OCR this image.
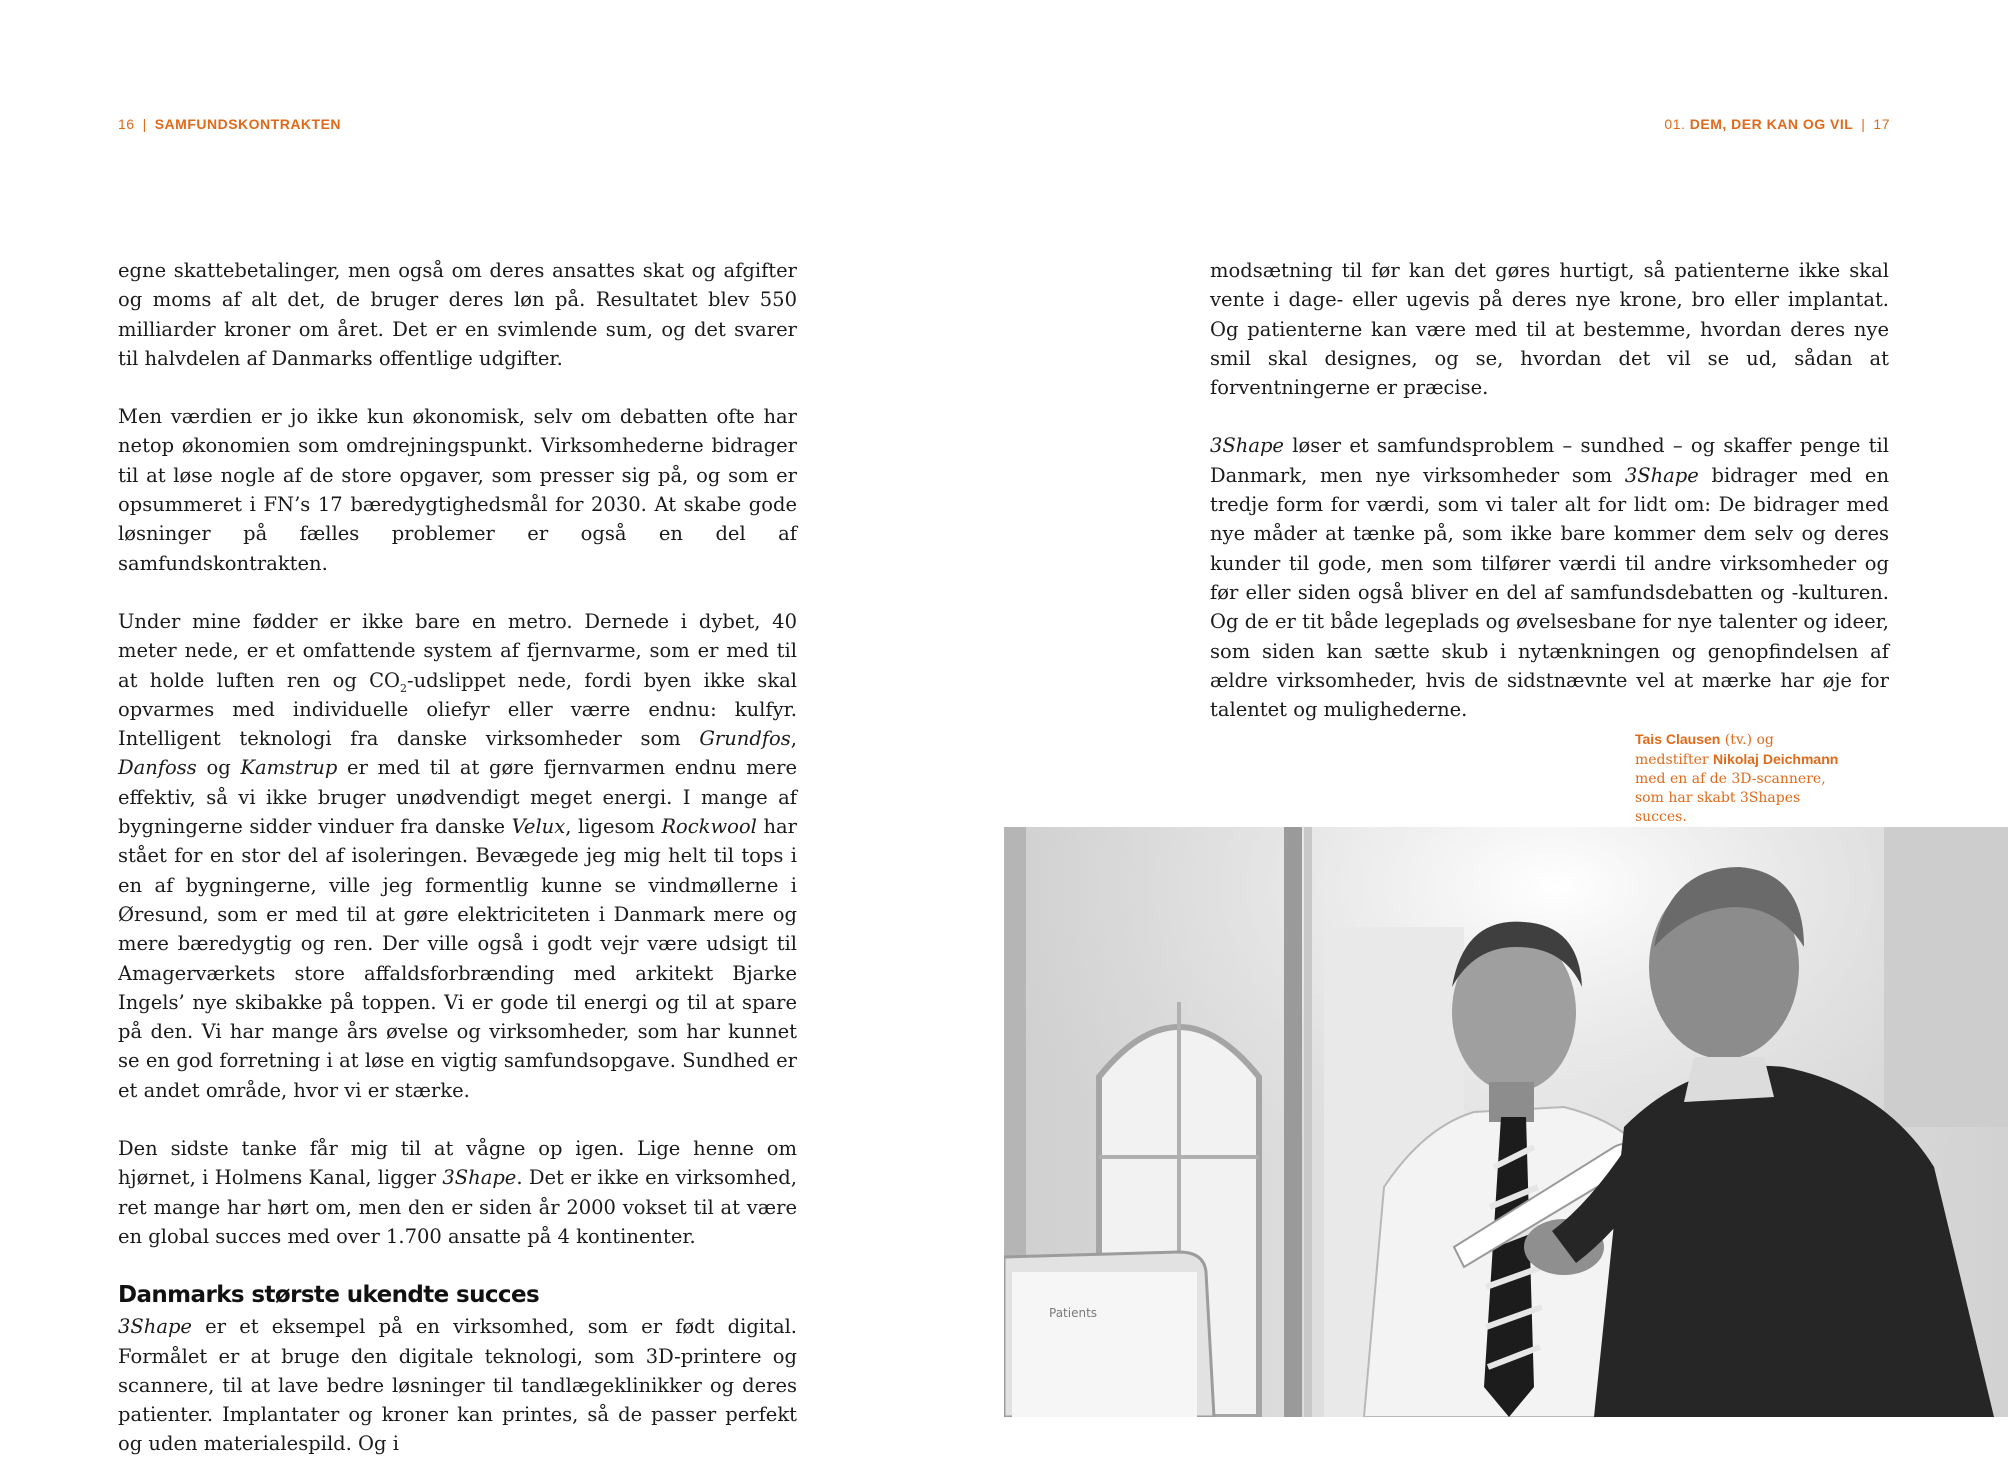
16 | SAMFUNDSKONTRAKTEN	01. DEM, DER KAN OG VIL | 17

egne skattebetalinger, men også om deres ansattes skat og afgifter og moms af alt det, de bruger deres løn på. Resultatet blev 550 milliarder kroner om året. Det er en svimlende sum, og det svarer til halvdelen af Danmarks offentlige udgifter.

Men værdien er jo ikke kun økonomisk, selv om debatten ofte har netop økonomien som omdrejningspunkt. Virksomhederne bidrager til at løse nogle af de store opgaver, som presser sig på, og som er opsummeret i FN’s 17 bæredygtighedsmål for 2030. At skabe gode løsninger på fælles problemer er også en del af samfundskontrakten.

Under mine fødder er ikke bare en metro. Dernede i dybet, 40 meter nede, er et omfattende system af fjernvarme, som er med til at holde luften ren og $CO_2$-udslippet nede, fordi byen ikke skal opvarmes med individuelle oliefyr eller værre endnu: kulfyr. Intelligent teknologi fra danske virksomheder som Grundfos, Danfoss og Kamstrup er med til at gøre fjernvarmen endnu mere effektiv, så vi ikke bruger unødvendigt meget energi. I mange af bygningerne sidder vinduer fra danske Velux, ligesom Rockwool har stået for en stor del af isoleringen. Bevægede jeg mig helt til tops i en af bygningerne, ville jeg formentlig kunne se vindmøllerne i Øresund, som er med til at gøre elektriciteten i Danmark mere og mere bæredygtig og ren. Der ville også i godt vejr være udsigt til Amagerværkets store affaldsforbrænding med arkitekt Bjarke Ingels’ nye skibakke på toppen. Vi er gode til energi og til at spare på den. Vi har mange års øvelse og virksomheder, som har kunnet se en god forretning i at løse en vigtig samfundsopgave. Sundhed er et andet område, hvor vi er stærke.

Den sidste tanke får mig til at vågne op igen. Lige henne om hjørnet, i Holmens Kanal, ligger 3Shape. Det er ikke en virksomhed, ret mange har hørt om, men den er siden år 2000 vokset til at være en global succes med over 1.700 ansatte på 4 kontinenter.

Danmarks største ukendte succes

3Shape er et eksempel på en virksomhed, som er født digital. Formålet er at bruge den digitale teknologi, som 3D-printere og scannere, til at lave bedre løsninger til tandlægeklinikker og deres patienter. Implantater og kroner kan printes, så de passer perfekt og uden materialespild. Og i

modsætning til før kan det gøres hurtigt, så patienterne ikke skal vente i dage- eller ugevis på deres nye krone, bro eller implantat. Og patienterne kan være med til at bestemme, hvordan deres nye smil skal designes, og se, hvordan det vil se ud, sådan at forventningerne er præcise.

3Shape løser et samfundsproblem – sundhed – og skaffer penge til Danmark, men nye virksomheder som 3Shape bidrager med en tredje form for værdi, som vi taler alt for lidt om: De bidrager med nye måder at tænke på, som ikke bare kommer dem selv og deres kunder til gode, men som tilfører værdi til andre virksomheder og før eller siden også bliver en del af samfundsdebatten og -kulturen. Og de er tit både legeplads og øvelsesbane for nye talenter og ideer, som siden kan sætte skub i nytænkningen og genopfindelsen af ældre virksomheder, hvis de sidstnævnte vel at mærke har øje for talentet og mulighederne.

Tais Clausen (tv.) og medstifter Nikolaj Deichmann med en af de 3D-scannere, som har skabt 3Shapes succes.
Patients
